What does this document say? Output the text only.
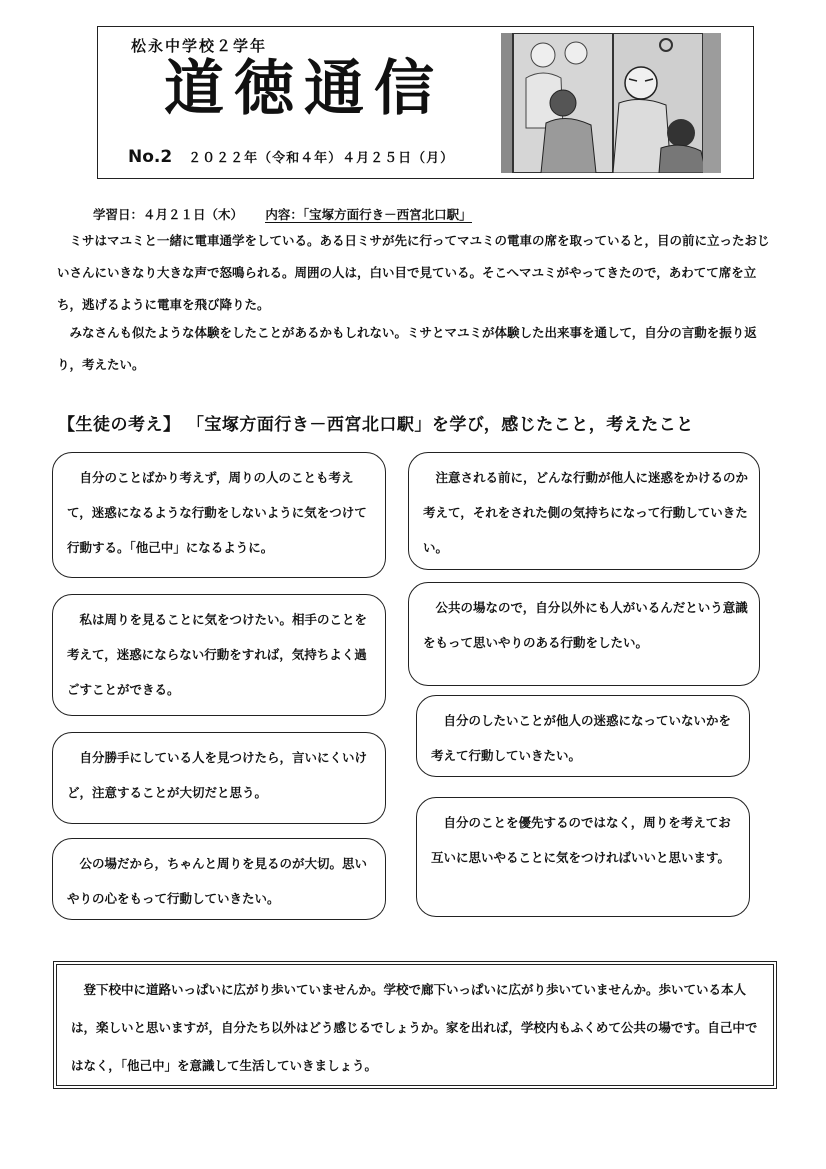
松永中学校２学年
道徳通信
No.2 ２０２２年（令和４年）４月２５日（月）
学習日：４月２１日（木） 内容：「宝塚方面行き－西宮北口駅」

ミサはマユミと一緒に電車通学をしている。ある日ミサが先に行ってマユミの電車の席を取っていると，目の前に立ったおじいさんにいきなり大きな声で怒鳴られる。周囲の人は，白い目で見ている。そこへマユミがやってきたので，あわてて席を立ち，逃げるように電車を飛び降りた。

みなさんも似たような体験をしたことがあるかもしれない。ミサとマユミが体験した出来事を通して，自分の言動を振り返り，考えたい。

【生徒の考え】 「宝塚方面行き－西宮北口駅」を学び，感じたこと，考えたこと
自分のことばかり考えず，周りの人のことも考えて，迷惑になるような行動をしないように気をつけて行動する。「他己中」になるように。
私は周りを見ることに気をつけたい。相手のことを考えて，迷惑にならない行動をすれば，気持ちよく過ごすことができる。
自分勝手にしている人を見つけたら，言いにくいけど，注意することが大切だと思う。
公の場だから，ちゃんと周りを見るのが大切。思いやりの心をもって行動していきたい。
注意される前に，どんな行動が他人に迷惑をかけるのか考えて，それをされた側の気持ちになって行動していきたい。
公共の場なので，自分以外にも人がいるんだという意識をもって思いやりのある行動をしたい。
自分のしたいことが他人の迷惑になっていないかを考えて行動していきたい。
自分のことを優先するのではなく，周りを考えてお互いに思いやることに気をつければいいと思います。
登下校中に道路いっぱいに広がり歩いていませんか。学校で廊下いっぱいに広がり歩いていませんか。歩いている本人は，楽しいと思いますが，自分たち以外はどう感じるでしょうか。家を出れば，学校内もふくめて公共の場です。自己中ではなく，「他己中」を意識して生活していきましょう。
